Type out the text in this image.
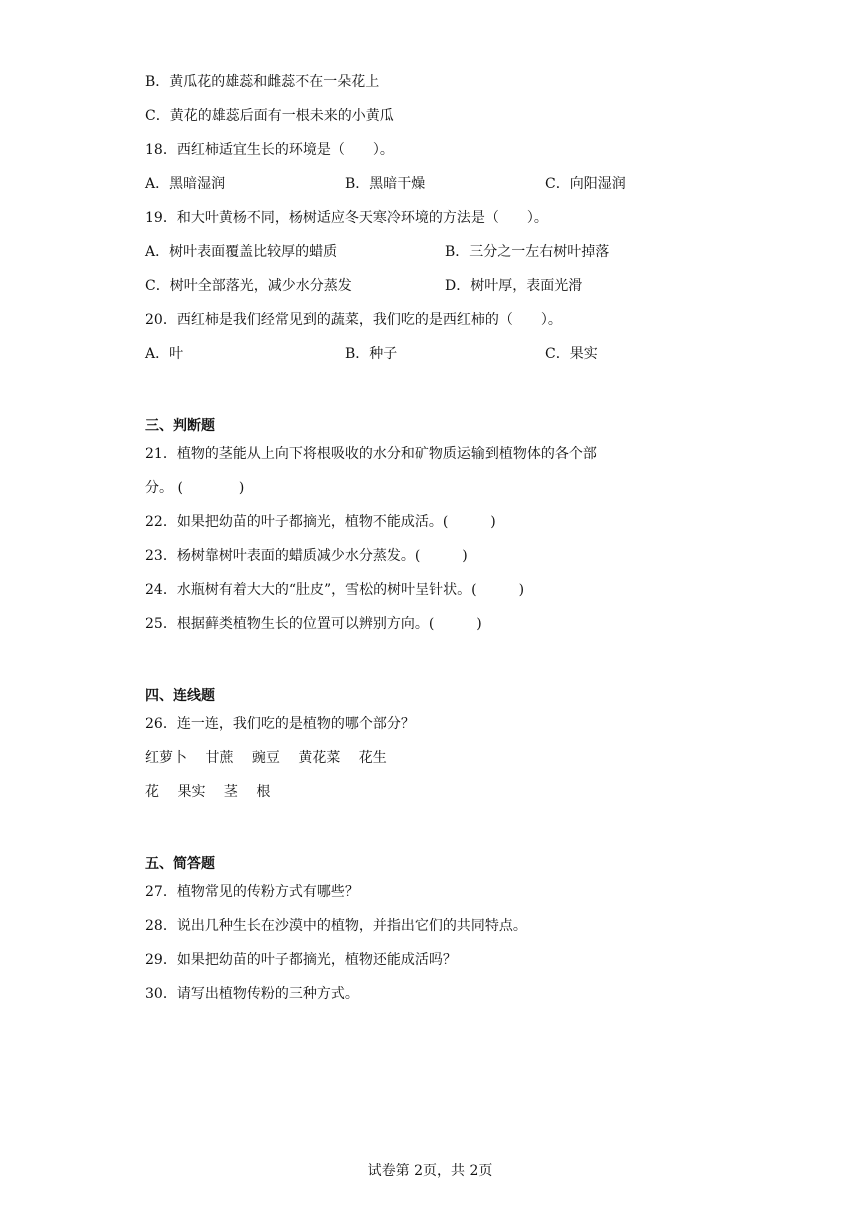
B．黄瓜花的雄蕊和雌蕊不在一朵花上
C．黄花的雄蕊后面有一根未来的小黄瓜
18．西红柿适宜生长的环境是（　　）。
A．黑暗湿润	B．黑暗干燥	C．向阳湿润
19．和大叶黄杨不同，杨树适应冬天寒冷环境的方法是（　　）。
A．树叶表面覆盖比较厚的蜡质	B．三分之一左右树叶掉落
C．树叶全部落光，减少水分蒸发	D．树叶厚，表面光滑
20．西红柿是我们经常见到的蔬菜，我们吃的是西红柿的（　　）。
A．叶	B．种子	C．果实
三、判断题
21．植物的茎能从上向下将根吸收的水分和矿物质运输到植物体的各个部
分。 (　　　　)
22．如果把幼苗的叶子都摘光，植物不能成活。(　　　)
23．杨树靠树叶表面的蜡质减少水分蒸发。(　　　)
24．水瓶树有着大大的“肚皮”，雪松的树叶呈针状。(　　　)
25．根据藓类植物生长的位置可以辨别方向。(　　　)
四、连线题
26．连一连，我们吃的是植物的哪个部分？
红萝卜　 甘蔗　 豌豆　 黄花菜　 花生
花　 果实　 茎　 根
五、简答题
27．植物常见的传粉方式有哪些？
28．说出几种生长在沙漠中的植物，并指出它们的共同特点。
29．如果把幼苗的叶子都摘光，植物还能成活吗？
30．请写出植物传粉的三种方式。
试卷第 2页，共 2页
